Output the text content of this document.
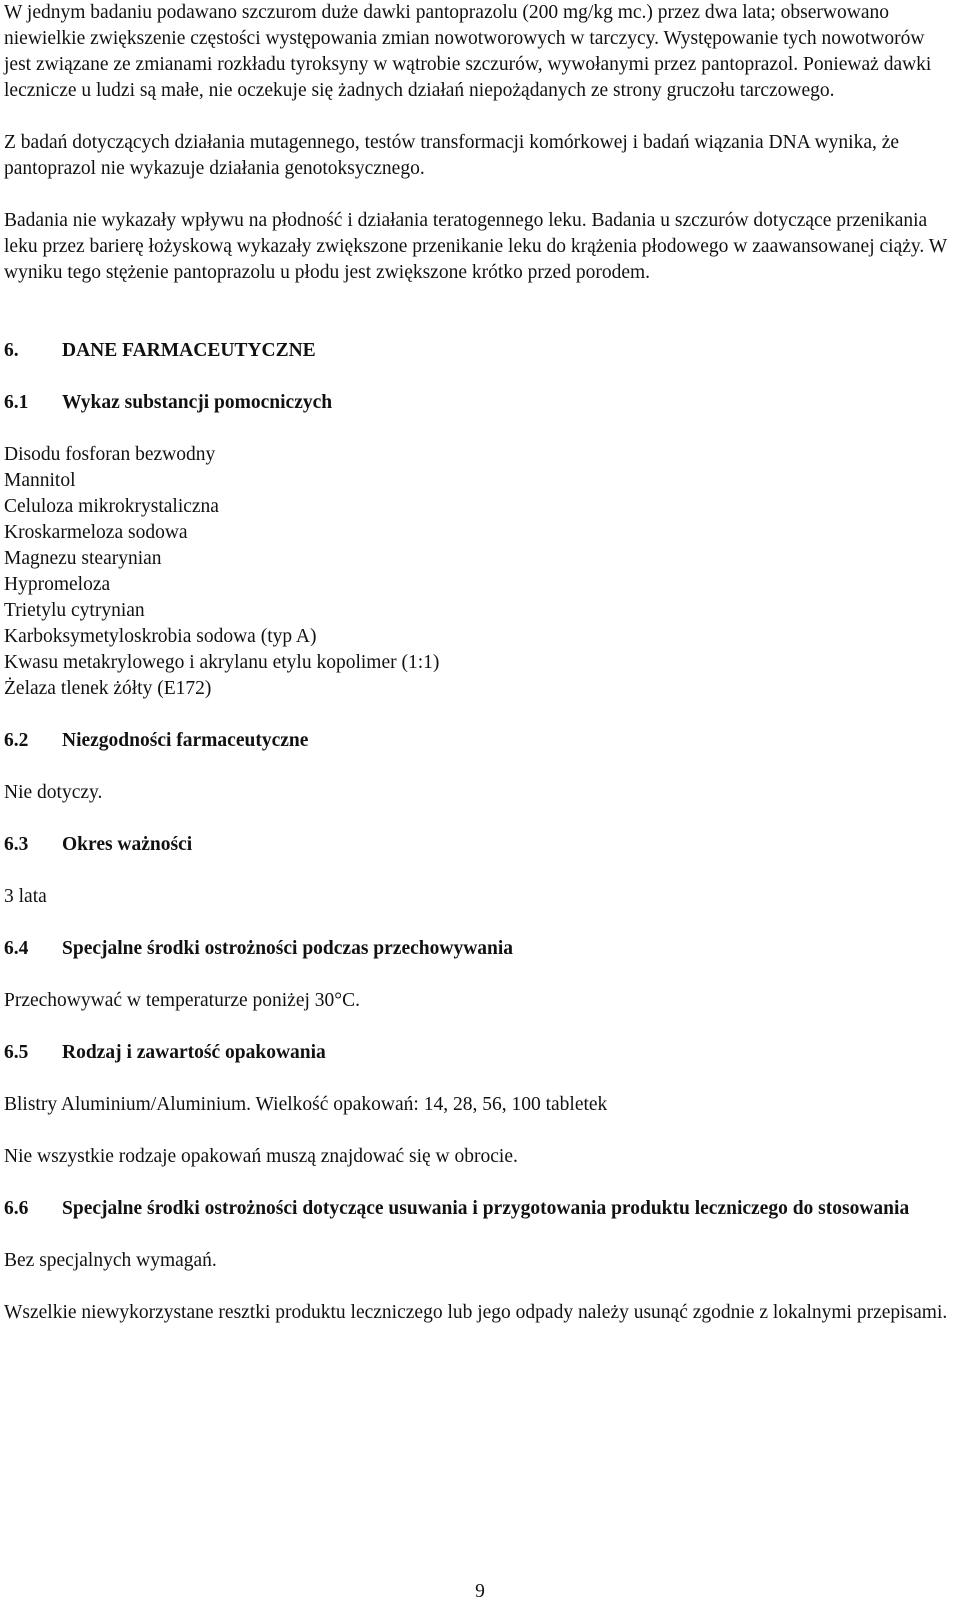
W jednym badaniu podawano szczurom duże dawki pantoprazolu (200 mg/kg mc.) przez dwa lata; obserwowano niewielkie zwiększenie częstości występowania zmian nowotworowych w tarczycy. Występowanie tych nowotworów jest związane ze zmianami rozkładu tyroksyny w wątrobie szczurów, wywołanymi przez pantoprazol. Ponieważ dawki lecznicze u ludzi są małe, nie oczekuje się żadnych działań niepożądanych ze strony gruczołu tarczowego.

Z badań dotyczących działania mutagennego, testów transformacji komórkowej i badań wiązania DNA wynika, że pantoprazol nie wykazuje działania genotoksycznego.

Badania nie wykazały wpływu na płodność i działania teratogennego leku. Badania u szczurów dotyczące przenikania leku przez barierę łożyskową wykazały zwiększone przenikanie leku do krążenia płodowego w zaawansowanej ciąży. W wyniku tego stężenie pantoprazolu u płodu jest zwiększone krótko przed porodem.

6.	DANE FARMACEUTYCZNE
6.1	Wykaz substancji pomocniczych

Disodu fosforan bezwodny

Mannitol

Celuloza mikrokrystaliczna

Kroskarmeloza sodowa

Magnezu stearynian

Hypromeloza

Trietylu cytrynian

Karboksymetyloskrobia sodowa (typ A)

Kwasu metakrylowego i akrylanu etylu kopolimer (1:1)

Żelaza tlenek żółty (E172)

6.2	Niezgodności farmaceutyczne

Nie dotyczy.

6.3	Okres ważności

3 lata

6.4	Specjalne środki ostrożności podczas przechowywania

Przechowywać w temperaturze poniżej 30°C.

6.5	Rodzaj i zawartość opakowania

Blistry Aluminium/Aluminium. Wielkość opakowań: 14, 28, 56, 100 tabletek

Nie wszystkie rodzaje opakowań muszą znajdować się w obrocie.

6.6	Specjalne środki ostrożności dotyczące usuwania i przygotowania produktu leczniczego do stosowania

Bez specjalnych wymagań.

Wszelkie niewykorzystane resztki produktu leczniczego lub jego odpady należy usunąć zgodnie z lokalnymi przepisami.

9
